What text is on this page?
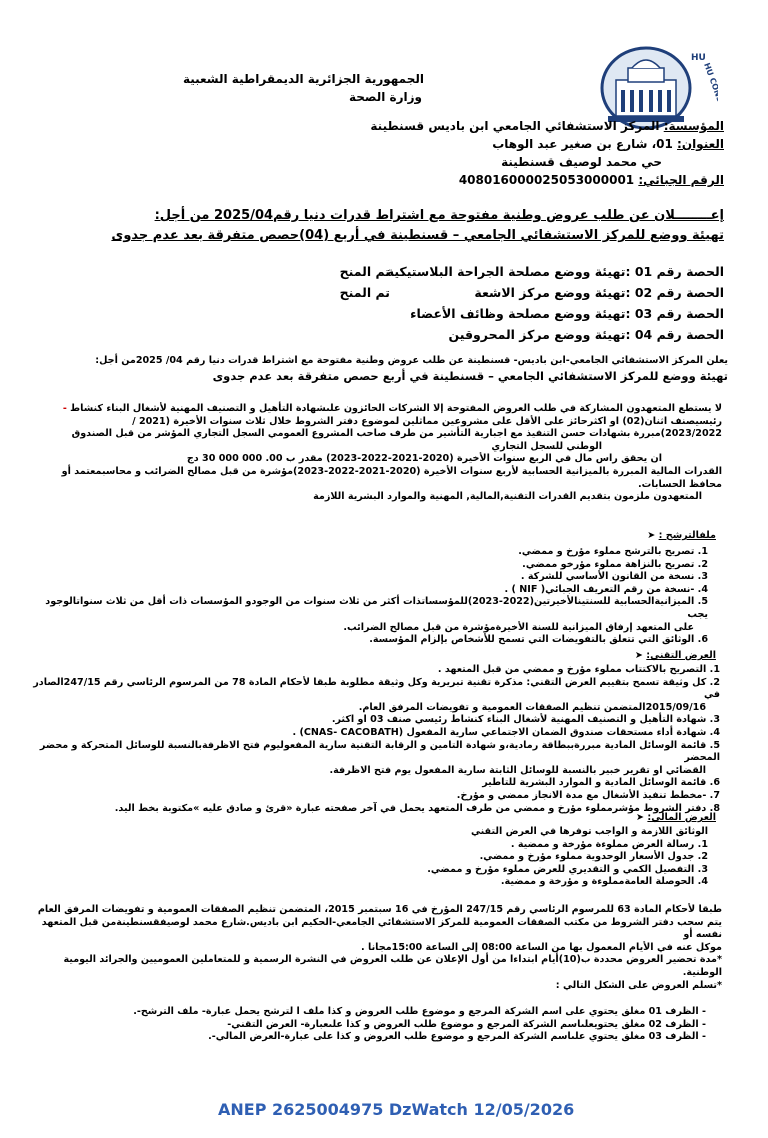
HU
HU CONSTANTINE
الجمهورية الجزائرية الديمقراطية الشعبية
وزارة الصحة
المؤسسة: المركز الاستشفائي الجامعي ابن باديس قسنطينة
العنوان: 01، شارع بن صغير عبد الوهاب
حي محمد لوصيف قسنطينة
الرقم الجبائي: 408016000025053000001
إعــــــــلان عن طلب عروض وطنية مفتوحة مع اشتراط قدرات دنيا رقم2025/04 من أجل:
تهيئة ووضع للمركز الاستشفائي الجامعي – قسنطينة في أربع (04)حصص متفرقة بعد عدم جدوى
الحصة رقم 01 :تهيئة ووضع مصلحة الجراحة البلاستيكية
تم المنح
الحصة رقم 02 :تهيئة ووضع مركز الاشعة
تم المنح
الحصة رقم 03 :تهيئة ووضع مصلحة وظائف الأعضاء
الحصة رقم 04 :تهيئة ووضع مركز المحروقين
يعلن المركز الاستشفائي الجامعي-ابن باديس- قسنطينة عن طلب عروض وطنية مفتوحة مع اشتراط قدرات دنيا رقم 04/ 2025من أجل:
تهيئة ووضع للمركز الاستشفائي الجامعي – قسنطينة في أربع حصص متفرقة بعد عدم جدوى
لا يستطع المتعهدون المشاركة في طلب العروض المفتوحة إلا الشركات الحائزون علىشهادة التأهيل و التصنيف المهنية لأشغال البناء كنشاط -
رئيسيصنف اثنان(02) او اكثرحائز على الأقل على مشروعين مماثلين لموضوع دفتر الشروط خلال ثلاث سنوات الأخيرة (2021 /
2023/2022)مبررة بشهادات حسن التنفيذ مع اجبارية التأشير من طرف صاحب المشروع العمومي السجل التجاري المؤشر من قبل الصندوق
الوطني للسجل التجاري
ان يحقق راس مال في الربع سنوات الأخيرة (2020-2021-2022-2023) مقدر ب 00. 000 000 30 دج
القدرات المالية المبررة بالميزانية الحسابية لأربع سنوات الأخيرة (2020-2021-2022-2023)مؤشرة من قبل مصالح الضرائب و محاسبمعتمد أو
محافظ الحسابات.
المتعهدون ملزمون بتقديم القدرات التقنية,المالية, المهنية والموارد البشرية اللازمة
ملفالترشح : ➤
1. تصريح بالترشح مملوء مؤرخ و ممضي.
2. تصريح بالنزاهة مملوء مؤرخو ممضي.
3. نسخة من القانون الأساسي للشركة .
4. -نسخة من رقم التعريف الجبائي( NIF ) .
5. الميزانيةالحسابية للسنتينالأخيرتين(2022-2023)للمؤسساتذات أكثر من ثلاث سنوات من الوجودو المؤسسات ذات أقل من ثلاث سنواتالوجود يجب
على المتعهد إرفاق الميزانية للسنة الأخيرةمؤشرة من قبل مصالح الضرائب.
6. الوثائق التي تتعلق بالتفويضات التي تسمح للأشخاص بإلزام المؤسسة.
العرض التقني: ➤
1. التصريح بالاكتتاب مملوء مؤرخ و ممضي من قبل المتعهد .
2. كل وثيقة تسمح بتقييم العرض التقني: مذكرة تقنية تبريرية وكل وثيقة مطلوبة طبقا لأحكام المادة 78 من المرسوم الرئاسي رقم 247/15الصادر في
2015/09/16المتضمن تنظيم الصفقات العمومية و تفويضات المرفق العام.
3. شهادة التأهيل و التصنيف المهنية لأشغال البناء كنشاط رئيسي صنف 03 او اكثر.
4. شهادة أداء مستحقات صندوق الضمان الاجتماعي سارية المفعول (CNAS- CACOBATH) .
5. قائمة الوسائل المادية مبررةببطاقة رمادية،و شهادة التامين و الرقابة التقنية سارية المفعوليوم فتح الاظرفةبالنسبة للوسائل المتحركة و محضر المحضر
القضائي او تقرير خبير بالنسبة للوسائل الثابتة سارية المفعول يوم فتح الاظرفة.
6. قائمة الوسائل المادية و الموارد البشرية للتاطير
7. -مخطط تنفيذ الأشغال مع مدة الانجاز ممضي و مؤرخ.
8. دفتر الشروط مؤشرمملوء مؤرخ و ممضي من طرف المتعهد يحمل في آخر صفحته عبارة «قرئ و صادق عليه »مكتوبة بخط اليد.
العرض المالي: ➤
الوثائق اللازمة و الواجب توفرها في العرض التقني
1. رسالة العرض مملوءة مؤرخة و ممضية .
2. جدول الأسعار الوحدوية مملوء مؤرخ و ممضي.
3. التفصيل الكمي و التقديري للعرض مملوء مؤرخ و ممضي.
4. الحوصلة العامةمملوءة و مؤرخة و ممضية.
طبقا لأحكام المادة 63 للمرسوم الرئاسي رقم 247/15 المؤرخ في 16 سبتمبر 2015، المتضمن تنظيم الصفقات العمومية و تفويضات المرفق العام
يتم سحب دفتر الشروط من مكتب الصفقات العمومية للمركز الاستشفائي الجامعي-الحكيم ابن باديس.شارع محمد لوصيفقسنطينةمن قبل المتعهد نفسه أو
موكل عنه في الأيام المعمول بها من الساعة 08:00 إلى الساعة 15:00مجانا .
*مدة تحضير العروض محددة ب(10)أيام ابتداءا من أول الإعلان عن طلب العروض في النشرة الرسمية و للمتعاملين العموميين والجرائد اليومية
الوطنية.
*تسلم العروض على الشكل التالي :
- الظرف 01 مغلق يحتوي على اسم الشركة المرجع و موضوع طلب العروض و كذا ملف ا لترشح يحمل عبارة- ملف الترشح-.
- الظرف 02 مغلق يحتويعلىاسم الشركة المرجع و موضوع طلب العروض و كذا علىعبارة- العرض التقني-
- الظرف 03 مغلق يحتوي علىاسم الشركة المرجع و موضوع طلب العروض و كذا على عبارة-العرض المالي-.
ANEP 2625004975 DzWatch 12/05/2026
